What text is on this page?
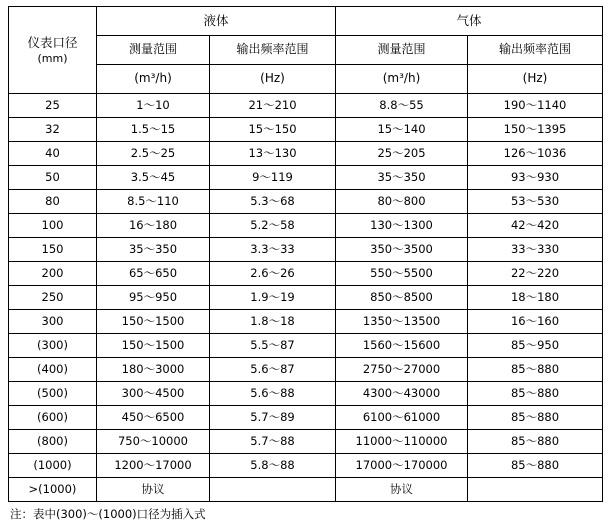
仪表口径
(mm)	液体		气体	
	测量范围	输出频率范围	测量范围	输出频率范围
	(m³/h)	(Hz)	(m³/h)	(Hz)
25	1～10	21～210	8.8～55	190～1140
32	1.5～15	15～150	15～140	150～1395
40	2.5～25	13～130	25～205	126～1036
50	3.5～45	9～119	35～350	93～930
80	8.5～110	5.3～68	80～800	53～530
100	16～180	5.2～58	130～1300	42～420
150	35～350	3.3～33	350～3500	33～330
200	65～650	2.6～26	550～5500	22～220
250	95～950	1.9～19	850～8500	18～180
300	150～1500	1.8～18	1350～13500	16～160
(300)	150～1500	5.5～87	1560～15600	85～950
(400)	180～3000	5.6～87	2750～27000	85～880
(500)	300～4500	5.6～88	4300～43000	85～880
(600)	450～6500	5.7～89	6100～61000	85～880
(800)	750～10000	5.7～88	11000～110000	85～880
(1000)	1200～17000	5.8～88	17000～170000	85～880
>(1000)	协议		协议	
注：表中(300)～(1000)口径为插入式
